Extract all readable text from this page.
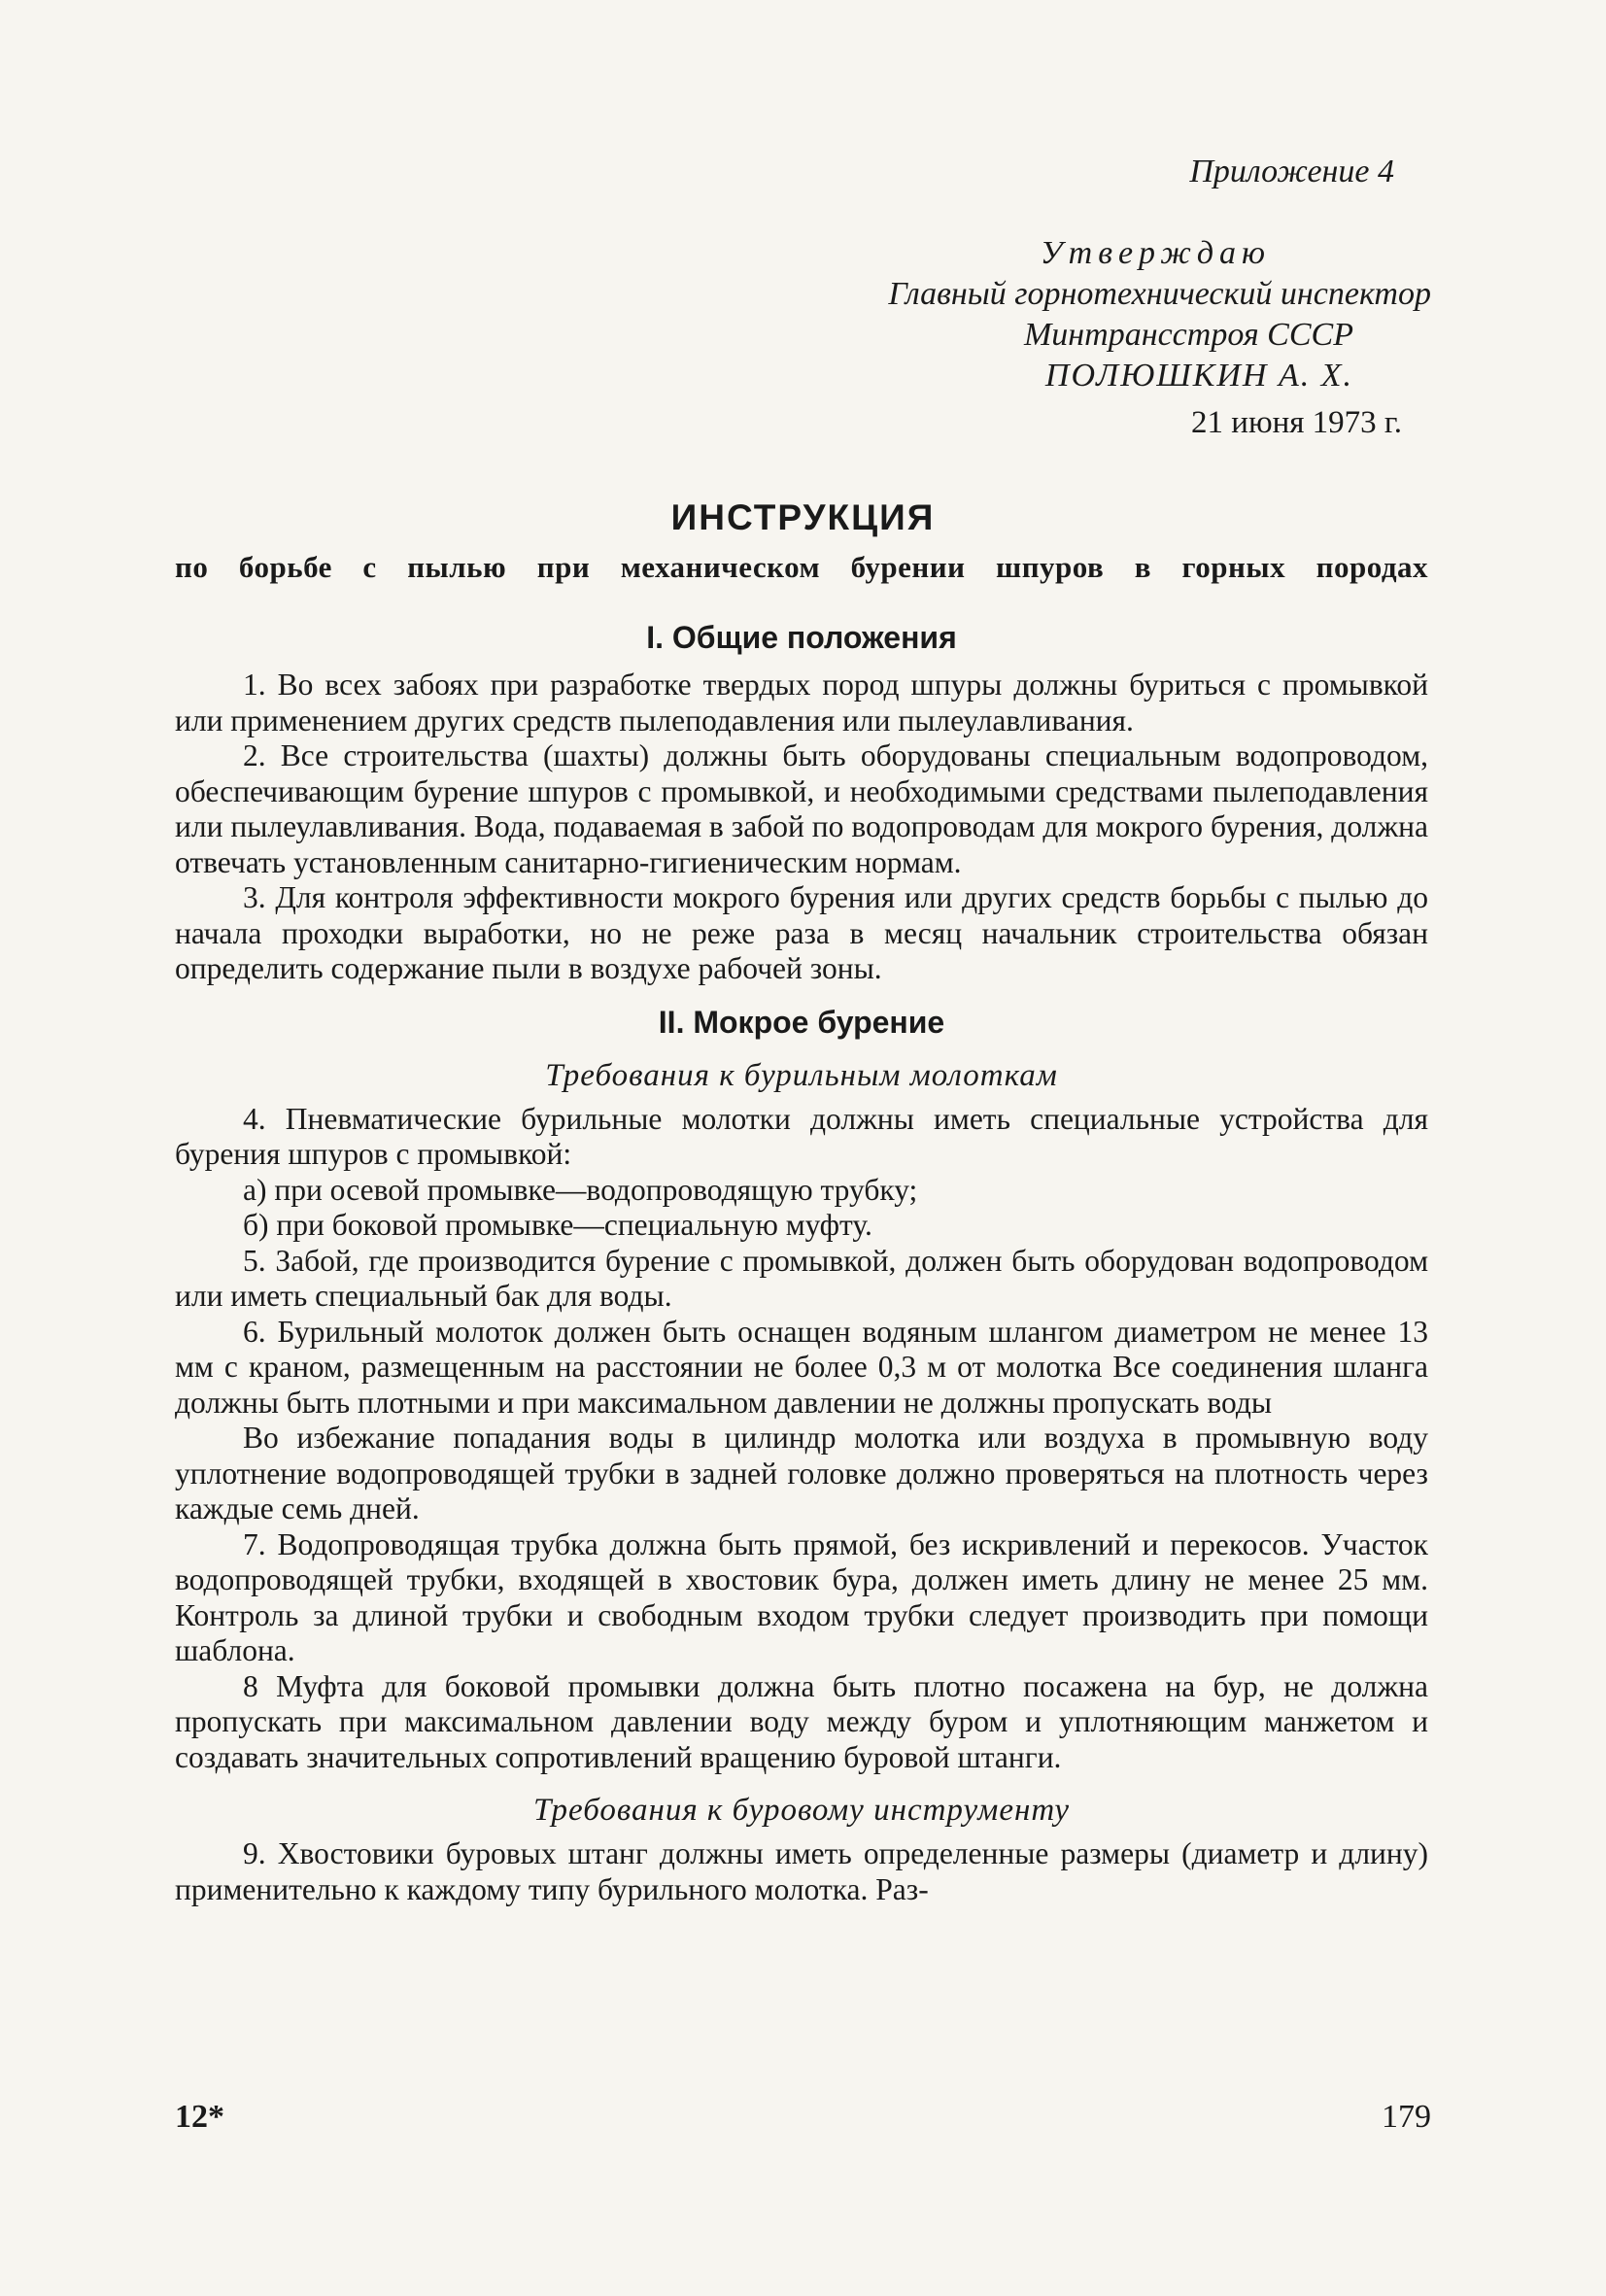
Приложение 4
Утверждаю
Главный горнотехнический инспектор
Минтрансстроя СССР
ПОЛЮШКИН А. Х.
21 июня 1973 г.
ИНСТРУКЦИЯ
по борьбе с пылью при механическом бурении шпуров в горных породах
I. Общие положения

1. Во всех забоях при разработке твердых пород шпуры должны буриться с промывкой или применением других средств пылеподавления или пылеулавливания.

2. Все строительства (шахты) должны быть оборудованы специальным водопроводом, обеспечивающим бурение шпуров с промывкой, и необходимыми средствами пылеподавления или пылеулавливания. Вода, подаваемая в забой по водопроводам для мокрого бурения, должна отвечать установленным санитарно-гигиеническим нормам.

3. Для контроля эффективности мокрого бурения или других средств борьбы с пылью до начала проходки выработки, но не реже раза в месяц начальник строительства обязан определить содержание пыли в воздухе рабочей зоны.

II. Мокрое бурение
Требования к бурильным молоткам

4. Пневматические бурильные молотки должны иметь специальные устройства для бурения шпуров с промывкой:

а) при осевой промывке—водопроводящую трубку;

б) при боковой промывке—специальную муфту.

5. Забой, где производится бурение с промывкой, должен быть оборудован водопроводом или иметь специальный бак для воды.

6. Бурильный молоток должен быть оснащен водяным шлангом диаметром не менее 13 мм с краном, размещенным на расстоянии не более 0,3 м от молотка Все соединения шланга должны быть плотными и при максимальном давлении не должны пропускать воды

Во избежание попадания воды в цилиндр молотка или воздуха в промывную воду уплотнение водопроводящей трубки в задней головке должно проверяться на плотность через каждые семь дней.

7. Водопроводящая трубка должна быть прямой, без искривлений и перекосов. Участок водопроводящей трубки, входящей в хвостовик бура, должен иметь длину не менее 25 мм. Контроль за длиной трубки и свободным входом трубки следует производить при помощи шаблона.

8 Муфта для боковой промывки должна быть плотно посажена на бур, не должна пропускать при максимальном давлении воду между буром и уплотняющим манжетом и создавать значительных сопротивлений вращению буровой штанги.

Требования к буровому инструменту

9. Хвостовики буровых штанг должны иметь определенные размеры (диаметр и длину) применительно к каждому типу бурильного молотка. Раз-

12*	179
